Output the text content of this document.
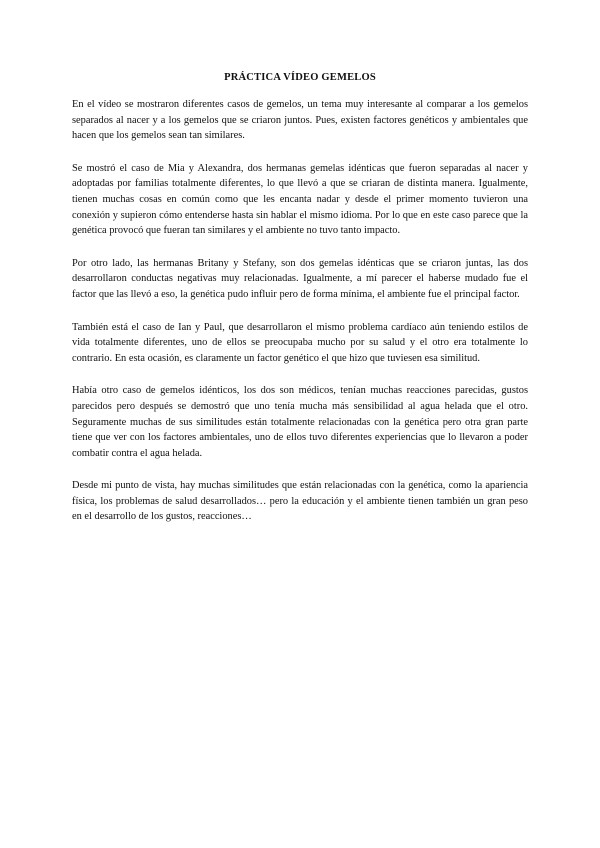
PRÁCTICA VÍDEO GEMELOS

En el vídeo se mostraron diferentes casos de gemelos, un tema muy interesante al comparar a los gemelos separados al nacer y a los gemelos que se criaron juntos. Pues, existen factores genéticos y ambientales que hacen que los gemelos sean tan similares.

Se mostró el caso de Mia y Alexandra, dos hermanas gemelas idénticas que fueron separadas al nacer y adoptadas por familias totalmente diferentes, lo que llevó a que se criaran de distinta manera. Igualmente, tienen muchas cosas en común como que les encanta nadar y desde el primer momento tuvieron una conexión y supieron cómo entenderse hasta sin hablar el mismo idioma. Por lo que en este caso parece que la genética provocó que fueran tan similares y el ambiente no tuvo tanto impacto.

Por otro lado, las hermanas Britany y Stefany, son dos gemelas idénticas que se criaron juntas, las dos desarrollaron conductas negativas muy relacionadas. Igualmente, a mí parecer el haberse mudado fue el factor que las llevó a eso, la genética pudo influir pero de forma mínima, el ambiente fue el principal factor.

También está el caso de Ian y Paul, que desarrollaron el mismo problema cardíaco aún teniendo estilos de vida totalmente diferentes, uno de ellos se preocupaba mucho por su salud y el otro era totalmente lo contrario. En esta ocasión, es claramente un factor genético el que hizo que tuviesen esa similitud.

Había otro caso de gemelos idénticos, los dos son médicos, tenían muchas reacciones parecidas, gustos parecidos pero después se demostró que uno tenía mucha más sensibilidad al agua helada que el otro. Seguramente muchas de sus similitudes están totalmente relacionadas con la genética pero otra gran parte tiene que ver con los factores ambientales, uno de ellos tuvo diferentes experiencias que lo llevaron a poder combatir contra el agua helada.

Desde mi punto de vista, hay muchas similitudes que están relacionadas con la genética, como la apariencia física, los problemas de salud desarrollados… pero la educación y el ambiente tienen también un gran peso en el desarrollo de los gustos, reacciones…
